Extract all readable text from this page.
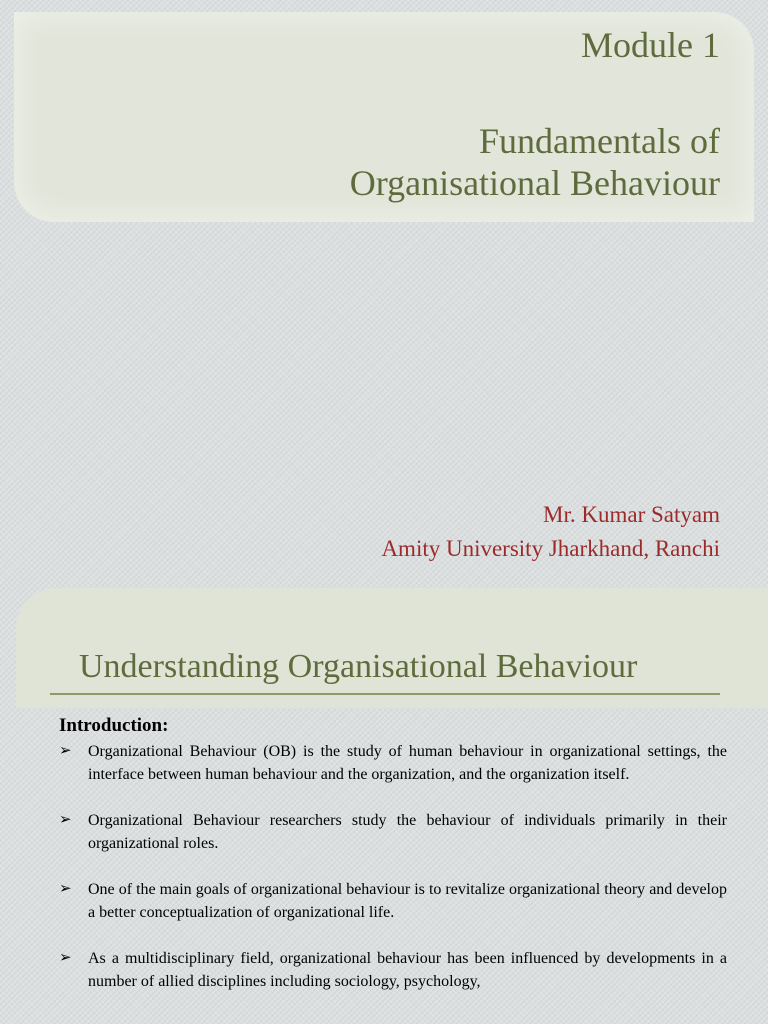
Module 1
Fundamentals of
Organisational Behaviour
Mr. Kumar Satyam
Amity University Jharkhand, Ranchi
Understanding Organisational Behaviour
Introduction:
➢ Organizational Behaviour (OB) is the study of human behaviour in organizational settings, the interface between human behaviour and the organization, and the organization itself.
➢ Organizational Behaviour researchers study the behaviour of individuals primarily in their organizational roles.
➢ One of the main goals of organizational behaviour is to revitalize organizational theory and develop a better conceptualization of organizational life.
➢ As a multidisciplinary field, organizational behaviour has been influenced by developments in a number of allied disciplines including sociology, psychology,
